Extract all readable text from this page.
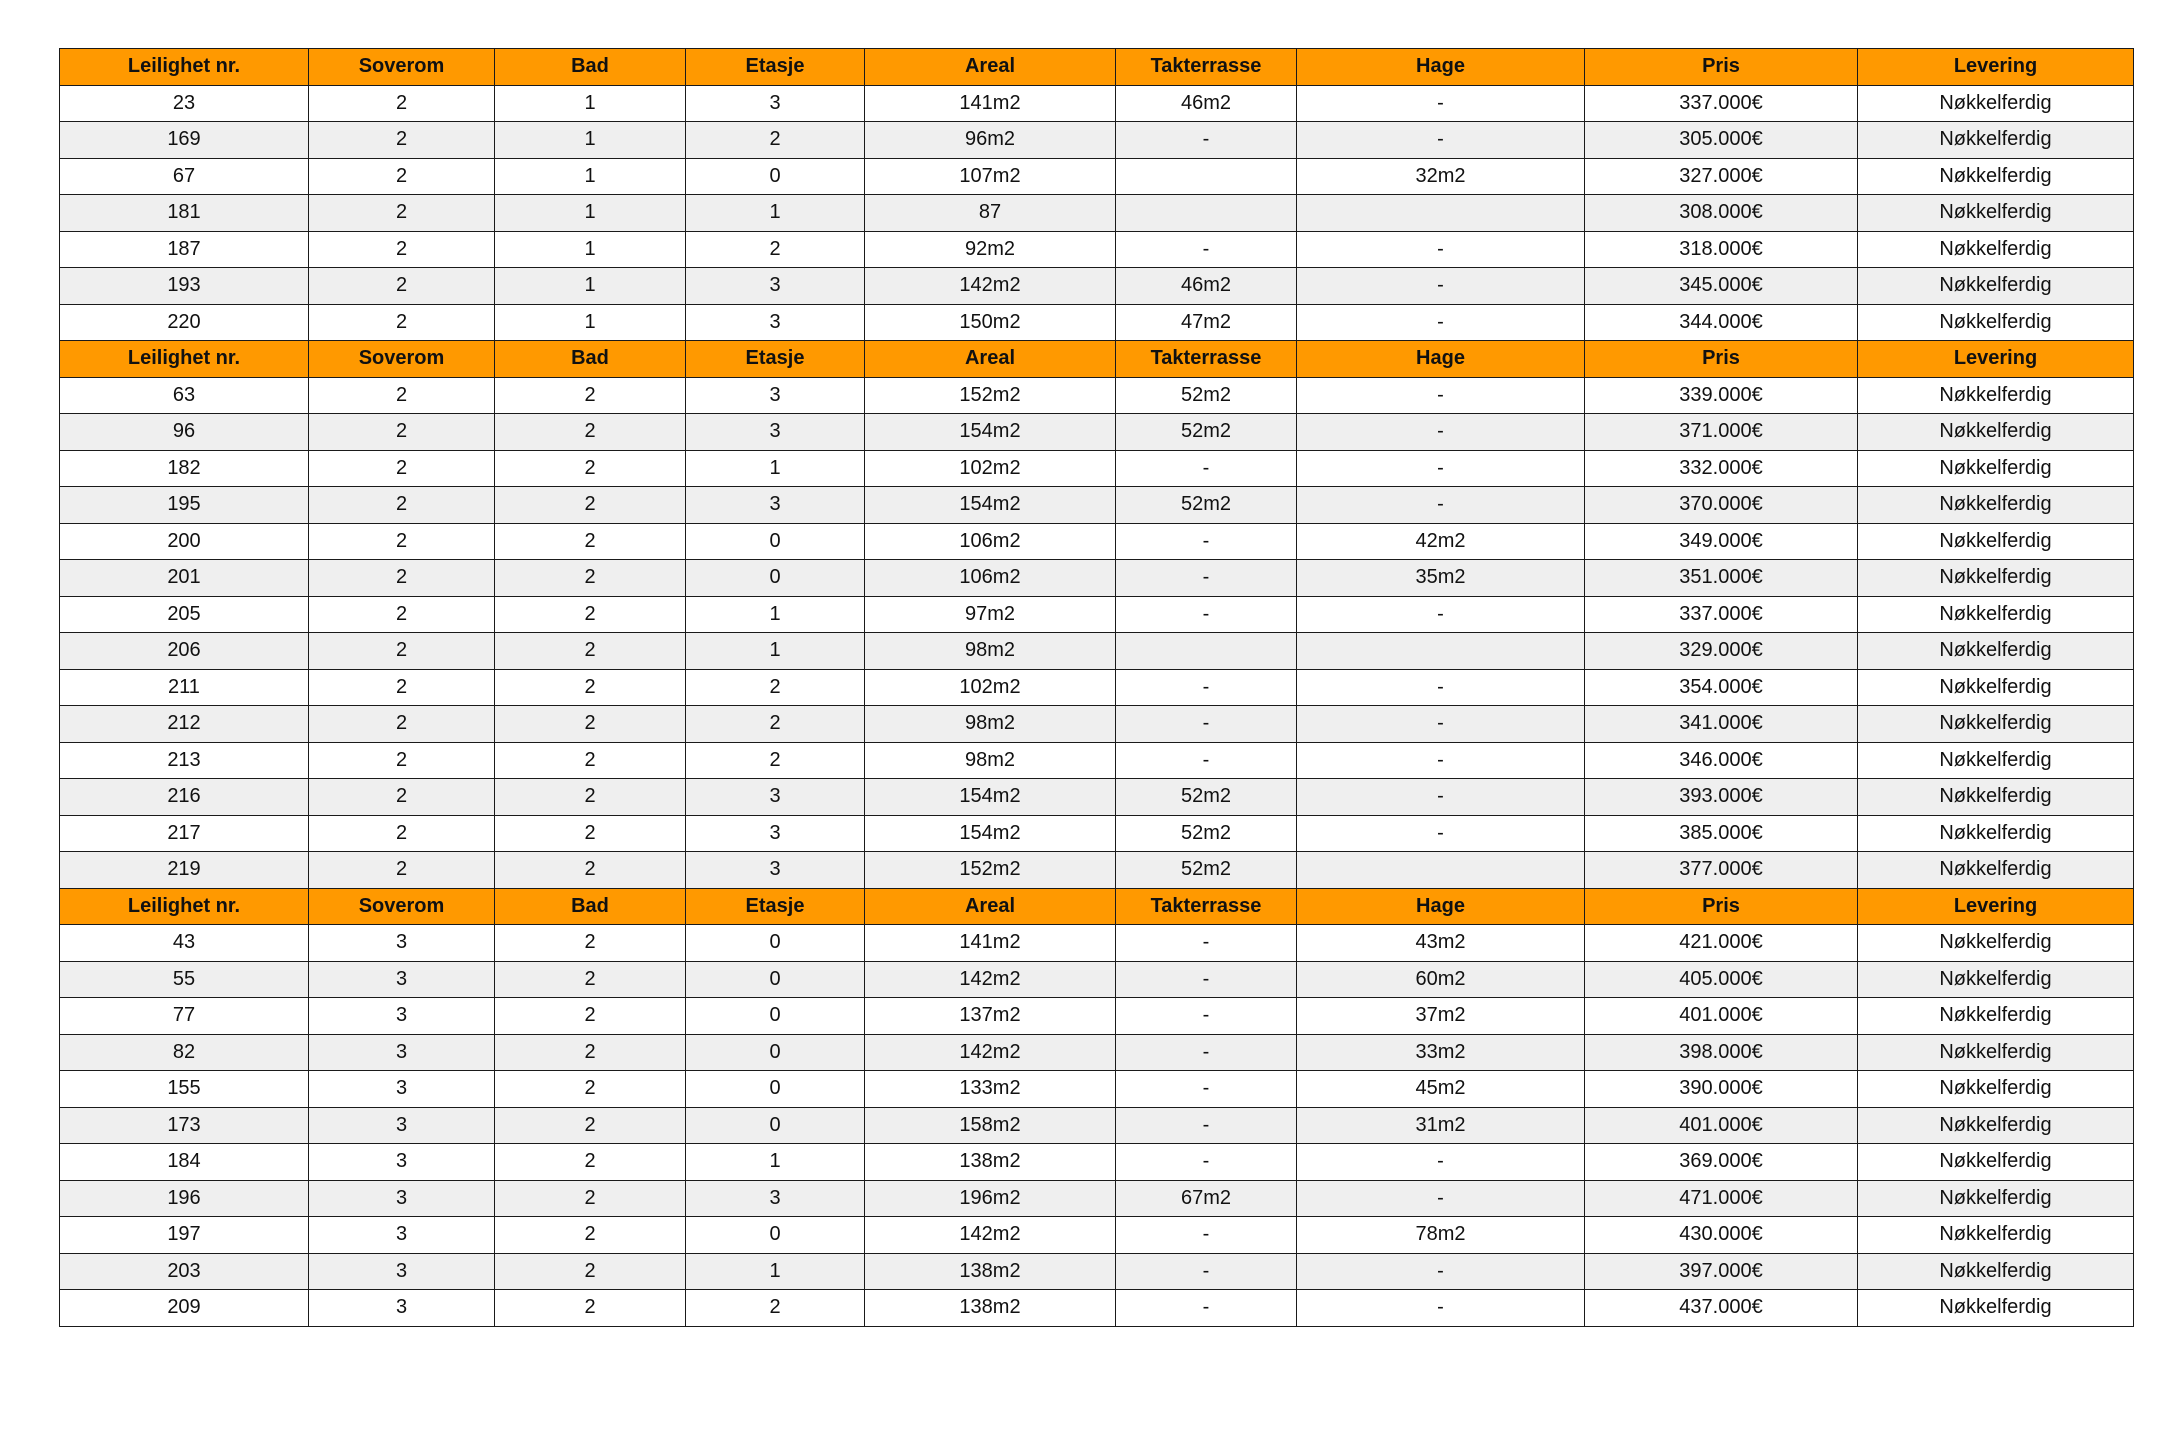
Leilighet nr.	Soverom	Bad	Etasje	Areal	Takterrasse	Hage	Pris	Levering
23	2	1	3	141m2	46m2	-	337.000€	Nøkkelferdig
169	2	1	2	96m2	-	-	305.000€	Nøkkelferdig
67	2	1	0	107m2		32m2	327.000€	Nøkkelferdig
181	2	1	1	87			308.000€	Nøkkelferdig
187	2	1	2	92m2	-	-	318.000€	Nøkkelferdig
193	2	1	3	142m2	46m2	-	345.000€	Nøkkelferdig
220	2	1	3	150m2	47m2	-	344.000€	Nøkkelferdig
Leilighet nr.	Soverom	Bad	Etasje	Areal	Takterrasse	Hage	Pris	Levering
63	2	2	3	152m2	52m2	-	339.000€	Nøkkelferdig
96	2	2	3	154m2	52m2	-	371.000€	Nøkkelferdig
182	2	2	1	102m2	-	-	332.000€	Nøkkelferdig
195	2	2	3	154m2	52m2	-	370.000€	Nøkkelferdig
200	2	2	0	106m2	-	42m2	349.000€	Nøkkelferdig
201	2	2	0	106m2	-	35m2	351.000€	Nøkkelferdig
205	2	2	1	97m2	-	-	337.000€	Nøkkelferdig
206	2	2	1	98m2			329.000€	Nøkkelferdig
211	2	2	2	102m2	-	-	354.000€	Nøkkelferdig
212	2	2	2	98m2	-	-	341.000€	Nøkkelferdig
213	2	2	2	98m2	-	-	346.000€	Nøkkelferdig
216	2	2	3	154m2	52m2	-	393.000€	Nøkkelferdig
217	2	2	3	154m2	52m2	-	385.000€	Nøkkelferdig
219	2	2	3	152m2	52m2		377.000€	Nøkkelferdig
Leilighet nr.	Soverom	Bad	Etasje	Areal	Takterrasse	Hage	Pris	Levering
43	3	2	0	141m2	-	43m2	421.000€	Nøkkelferdig
55	3	2	0	142m2	-	60m2	405.000€	Nøkkelferdig
77	3	2	0	137m2	-	37m2	401.000€	Nøkkelferdig
82	3	2	0	142m2	-	33m2	398.000€	Nøkkelferdig
155	3	2	0	133m2	-	45m2	390.000€	Nøkkelferdig
173	3	2	0	158m2	-	31m2	401.000€	Nøkkelferdig
184	3	2	1	138m2	-	-	369.000€	Nøkkelferdig
196	3	2	3	196m2	67m2	-	471.000€	Nøkkelferdig
197	3	2	0	142m2	-	78m2	430.000€	Nøkkelferdig
203	3	2	1	138m2	-	-	397.000€	Nøkkelferdig
209	3	2	2	138m2	-	-	437.000€	Nøkkelferdig
